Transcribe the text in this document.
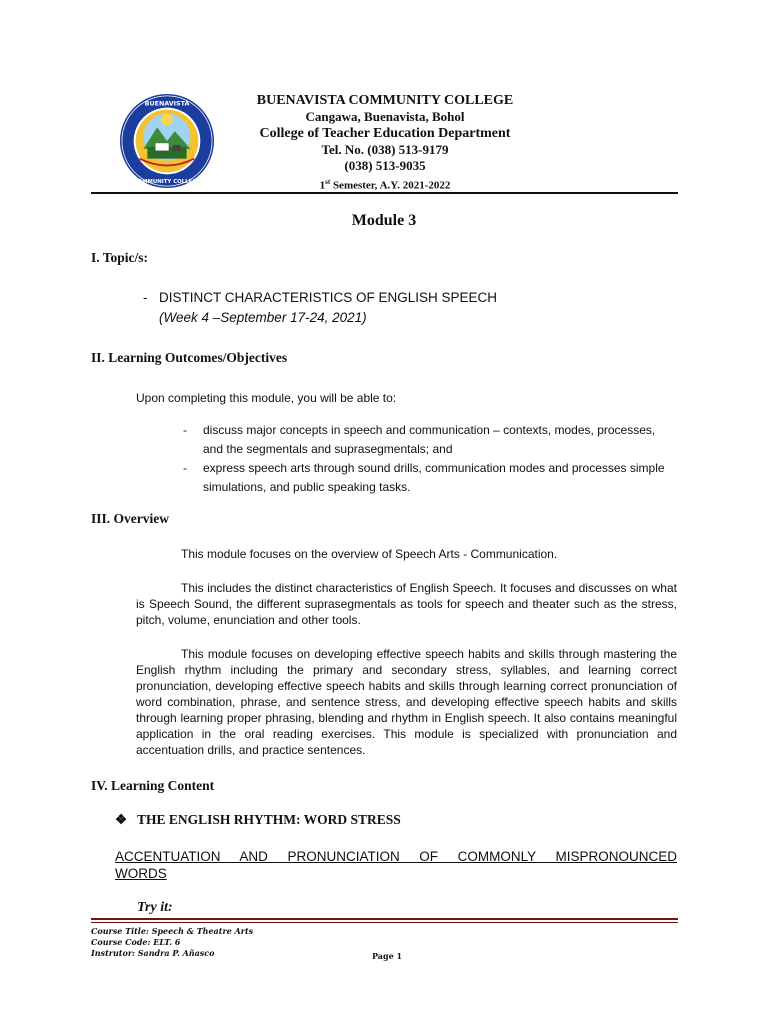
BUENAVISTA
COMMUNITY COLLEGE
BUENAVISTA COMMUNITY COLLEGE
Cangawa, Buenavista, Bohol
College of Teacher Education Department
Tel. No. (038) 513-9179
(038) 513-9035
1st Semester, A.Y. 2021-2022
Module 3
I. Topic/s:
- DISTINCT CHARACTERISTICS OF ENGLISH SPEECH
(Week 4 –September 17-24, 2021)
II. Learning Outcomes/Objectives
Upon completing this module, you will be able to:
- discuss major concepts in speech and communication – contexts, modes, processes, and the segmentals and suprasegmentals; and
- express speech arts through sound drills, communication modes and processes simple simulations, and public speaking tasks.
III. Overview
This module focuses on the overview of Speech Arts - Communication.
This includes the distinct characteristics of English Speech. It focuses and discusses on what is Speech Sound, the different suprasegmentals as tools for speech and theater such as the stress, pitch, volume, enunciation and other tools.
This module focuses on developing effective speech habits and skills through mastering the English rhythm including the primary and secondary stress, syllables, and learning correct pronunciation, developing effective speech habits and skills through learning correct pronunciation of word combination, phrase, and sentence stress, and developing effective speech habits and skills through learning proper phrasing, blending and rhythm in English speech. It also contains meaningful application in the oral reading exercises. This module is specialized with pronunciation and accentuation drills, and practice sentences.
IV. Learning Content
❖ THE ENGLISH RHYTHM: WORD STRESS
ACCENTUATION AND PRONUNCIATION OF COMMONLY MISPRONOUNCED
WORDS
Try it:
Course Title: Speech & Theatre Arts
Course Code: ELT. 6
Instrutor: Sandra P. Añasco	Page 1
